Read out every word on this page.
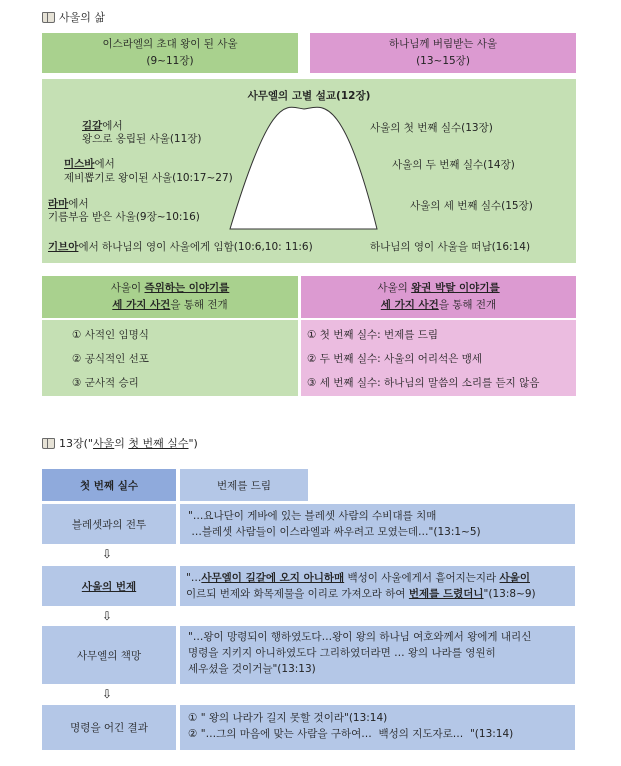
사울의 삶
이스라엘의 초대 왕이 된 사울
(9~11장)
하나님께 버림받는 사울
(13~15장)
사무엘의 고별 설교(12장)
길갈에서
왕으로 옹립된 사울(11장)
미스바에서
제비뽑기로 왕이된 사울(10:17~27)
라마에서
기름부음 받은 사울(9장~10:16)
기브아에서 하나님의 영이 사울에게 임함(10:6,10: 11:6)
사울의 첫 번째 실수(13장)
사울의 두 번째 실수(14장)
사울의 세 번째 실수(15장)
하나님의 영이 사울을 떠남(16:14)
사울이 즉위하는 이야기를
세 가지 사건을 통해 전개
사울의 왕권 박탈 이야기를
세 가지 사건을 통해 전개
① 사적인 임명식
② 공식적인 선포
③ 군사적 승리
① 첫 번째 실수: 번제를 드림
② 두 번째 실수: 사울의 어리석은 맹세
③ 세 번째 실수: 하나님의 말씀의 소리를 듣지 않음
13장("사울의 첫 번째 실수")
첫 번째 실수	번제를 드림
블레셋과의 전투
"…요나단이 게바에 있는 블레셋 사람의 수비대를 치매
…블레셋 사람들이 이스라엘과 싸우려고 모였는데…"(13:1~5)
⇩
사울의 번제
"…사무엘이 길갈에 오지 아니하매 백성이 사울에게서 흩어지는지라 사울이
이르되 번제와 화목제물을 이리로 가져오라 하여 번제를 드렸더니"(13:8~9)
⇩
사무엘의 책망
"…왕이 망령되이 행하였도다…왕이 왕의 하나님 여호와께서 왕에게 내리신
명령을 지키지 아니하였도다 그리하였더라면 … 왕의 나라를 영원히
세우셨을 것이거늘"(13:13)
⇩
명령을 어긴 결과
① " 왕의 나라가 길지 못할 것이라"(13:14)
② "…그의 마음에 맞는 사람을 구하여…  백성의 지도자로…  "(13:14)
